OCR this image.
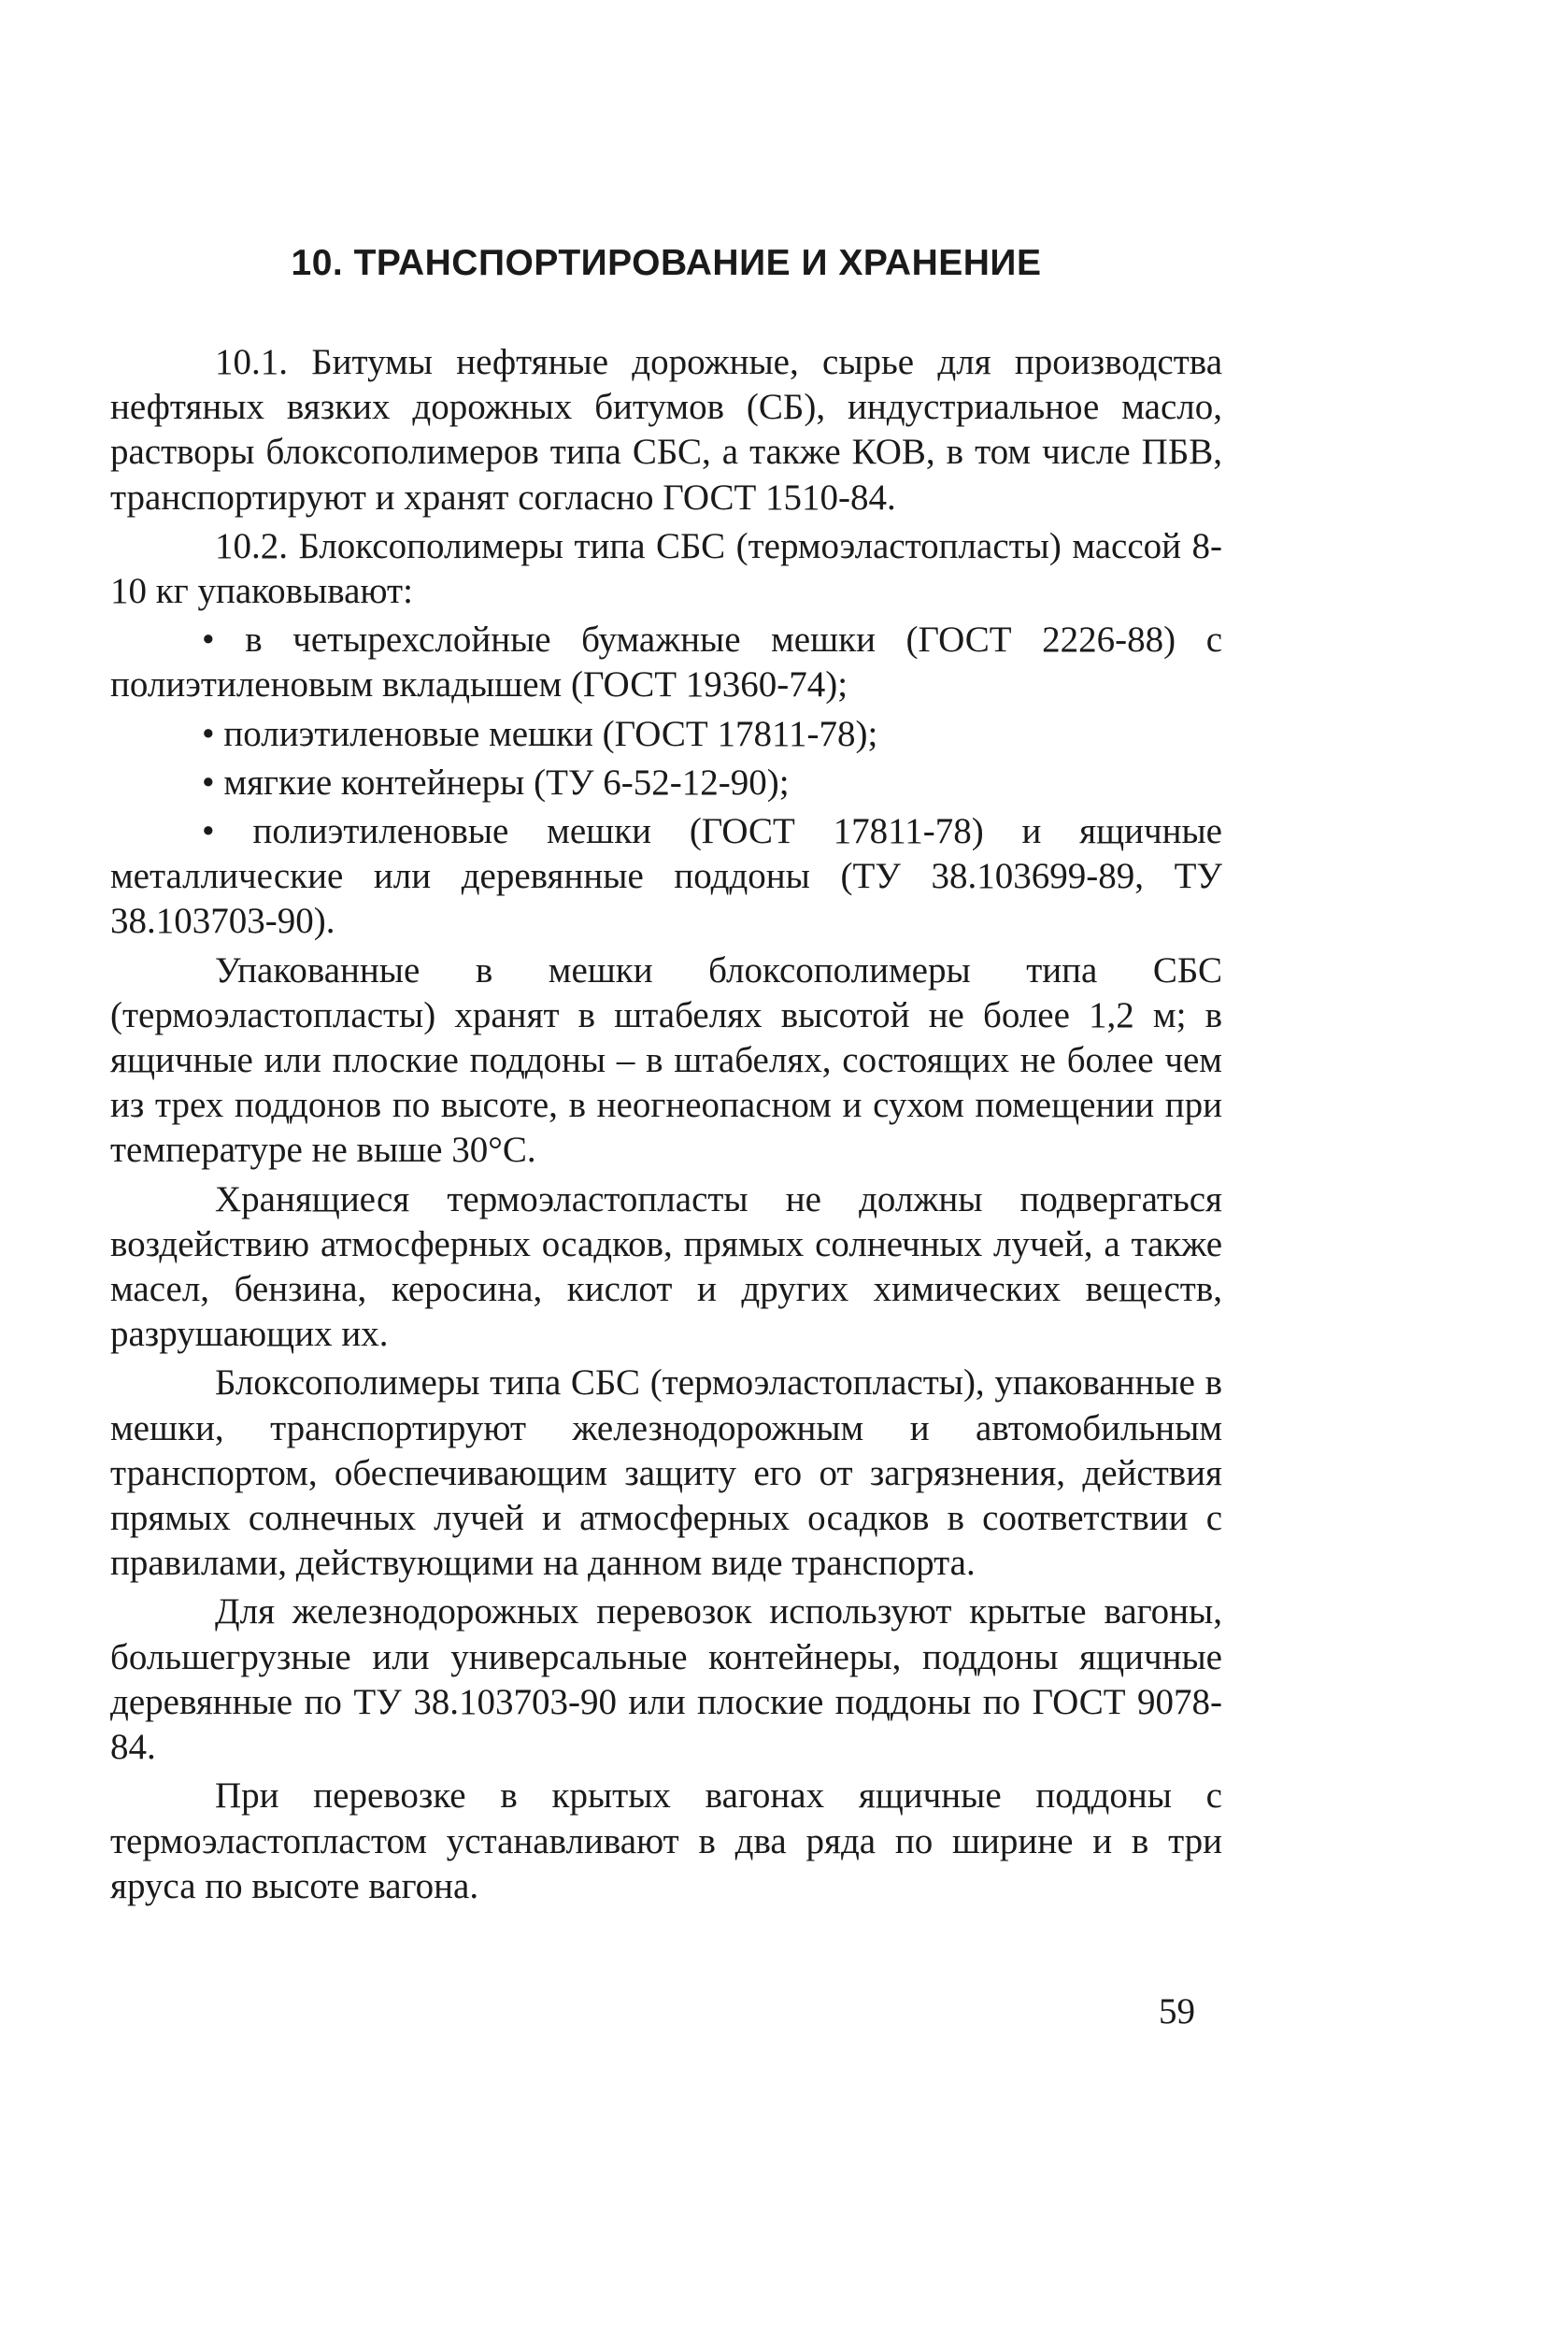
10. ТРАНСПОРТИРОВАНИЕ И ХРАНЕНИЕ

10.1. Битумы нефтяные дорожные, сырье для производства нефтяных вязких дорожных битумов (СБ), индустриальное масло, растворы блоксополимеров типа СБС, а также КОВ, в том числе ПБВ, транспортируют и хранят согласно ГОСТ 1510-84.

10.2. Блоксополимеры типа СБС (термоэластопласты) массой 8-10 кг упаковывают:

• в четырехслойные бумажные мешки (ГОСТ 2226-88) с полиэтиленовым вкладышем (ГОСТ 19360-74);

• полиэтиленовые мешки (ГОСТ 17811-78);

• мягкие контейнеры (ТУ 6-52-12-90);

• полиэтиленовые мешки (ГОСТ 17811-78) и ящичные металлические или деревянные поддоны (ТУ 38.103699-89, ТУ 38.103703-90).

Упакованные в мешки блоксополимеры типа СБС (термоэластопласты) хранят в штабелях высотой не более 1,2 м; в ящичные или плоские поддоны – в штабелях, состоящих не более чем из трех поддонов по высоте, в неогнеопасном и сухом помещении при температуре не выше 30°С.

Хранящиеся термоэластопласты не должны подвергаться воздействию атмосферных осадков, прямых солнечных лучей, а также масел, бензина, керосина, кислот и других химических веществ, разрушающих их.

Блоксополимеры типа СБС (термоэластопласты), упакованные в мешки, транспортируют железнодорожным и автомобильным транспортом, обеспечивающим защиту его от загрязнения, действия прямых солнечных лучей и атмосферных осадков в соответствии с правилами, действующими на данном виде транспорта.

Для железнодорожных перевозок используют крытые вагоны, большегрузные или универсальные контейнеры, поддоны ящичные деревянные по ТУ 38.103703-90 или плоские поддоны по ГОСТ 9078-84.

При перевозке в крытых вагонах ящичные поддоны с термоэластопластом устанавливают в два ряда по ширине и в три яруса по высоте вагона.

59
